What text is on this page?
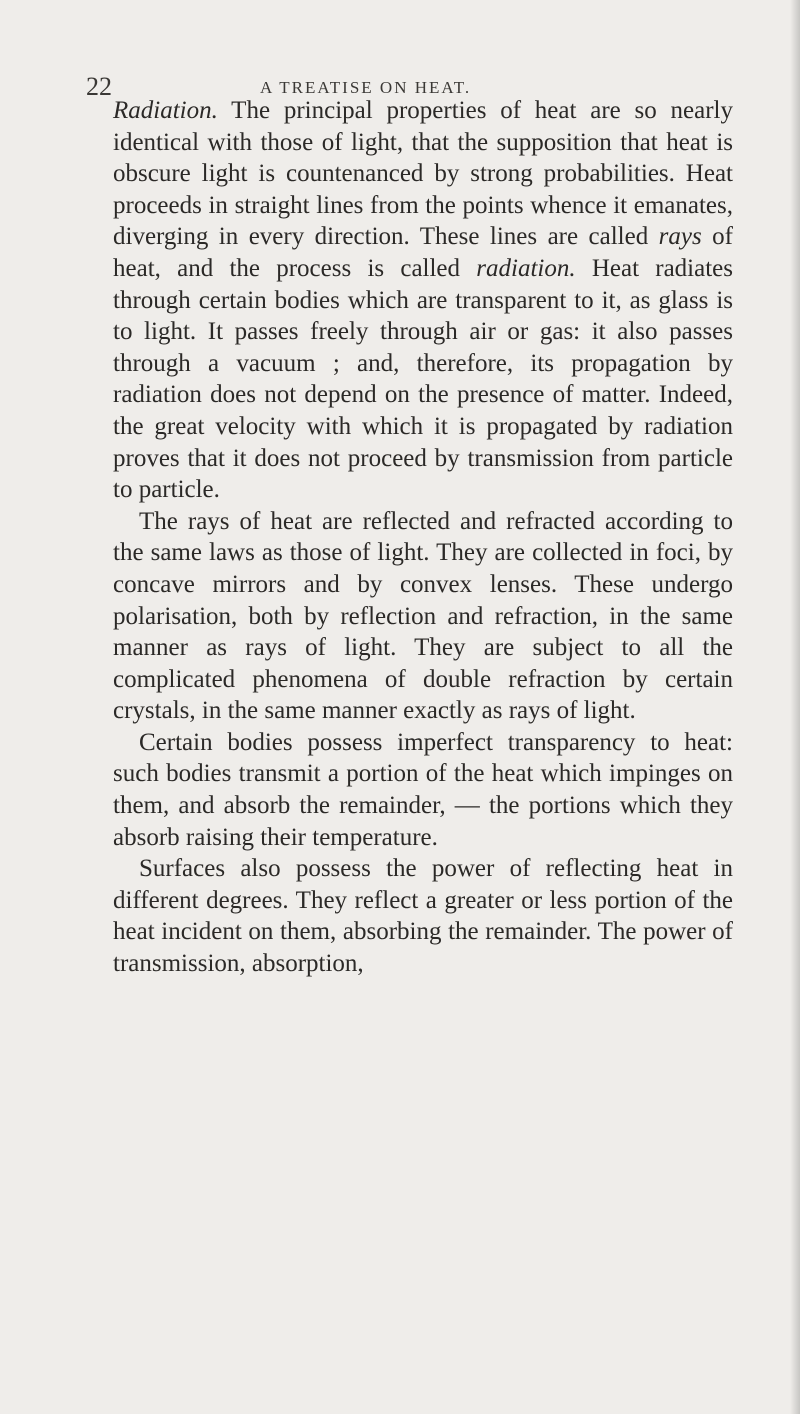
22	A TREATISE ON HEAT.

Radiation. The principal properties of heat are so nearly identical with those of light, that the supposition that heat is obscure light is countenanced by strong probabilities. Heat proceeds in straight lines from the points whence it emanates, diverging in every direction. These lines are called rays of heat, and the process is called radiation. Heat radiates through certain bodies which are transparent to it, as glass is to light. It passes freely through air or gas: it also passes through a vacuum ; and, therefore, its propagation by radiation does not depend on the presence of matter. Indeed, the great velocity with which it is propagated by radiation proves that it does not proceed by transmission from particle to particle.

The rays of heat are reflected and refracted according to the same laws as those of light. They are collected in foci, by concave mirrors and by convex lenses. These undergo polarisation, both by reflection and refraction, in the same manner as rays of light. They are subject to all the complicated phenomena of double refraction by certain crystals, in the same manner exactly as rays of light.

Certain bodies possess imperfect transparency to heat: such bodies transmit a portion of the heat which impinges on them, and absorb the remainder, — the portions which they absorb raising their temperature.

Surfaces also possess the power of reflecting heat in different degrees. They reflect a greater or less portion of the heat incident on them, absorbing the remainder. The power of transmission, absorption,
